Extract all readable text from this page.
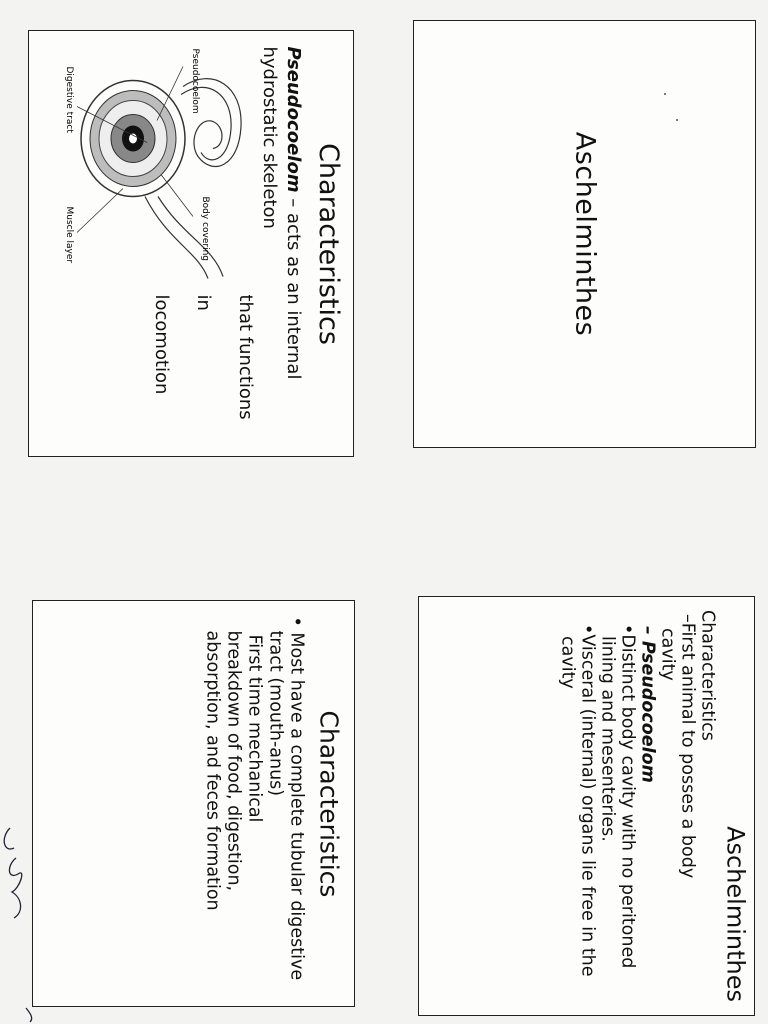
Characteristics
Pseudocoelom – acts as an internal hydrostatic skeleton
Pseudocoelom
Body covering
Digestive tract
Muscle layer
that functions
in
locomotion
Aschelminthes
Characteristics
• Most have a complete tubular digestive tract (mouth-anus)
First time mechanical
breakdown of food, digestion, absorption, and feces formation
Aschelminthes
Characteristics
–First animal to posses a body
cavity
– Pseudocoelom
•Distinct body cavity with no peritoned lining and mesenteries.
•Visceral (internal) organs lie free in the cavity
